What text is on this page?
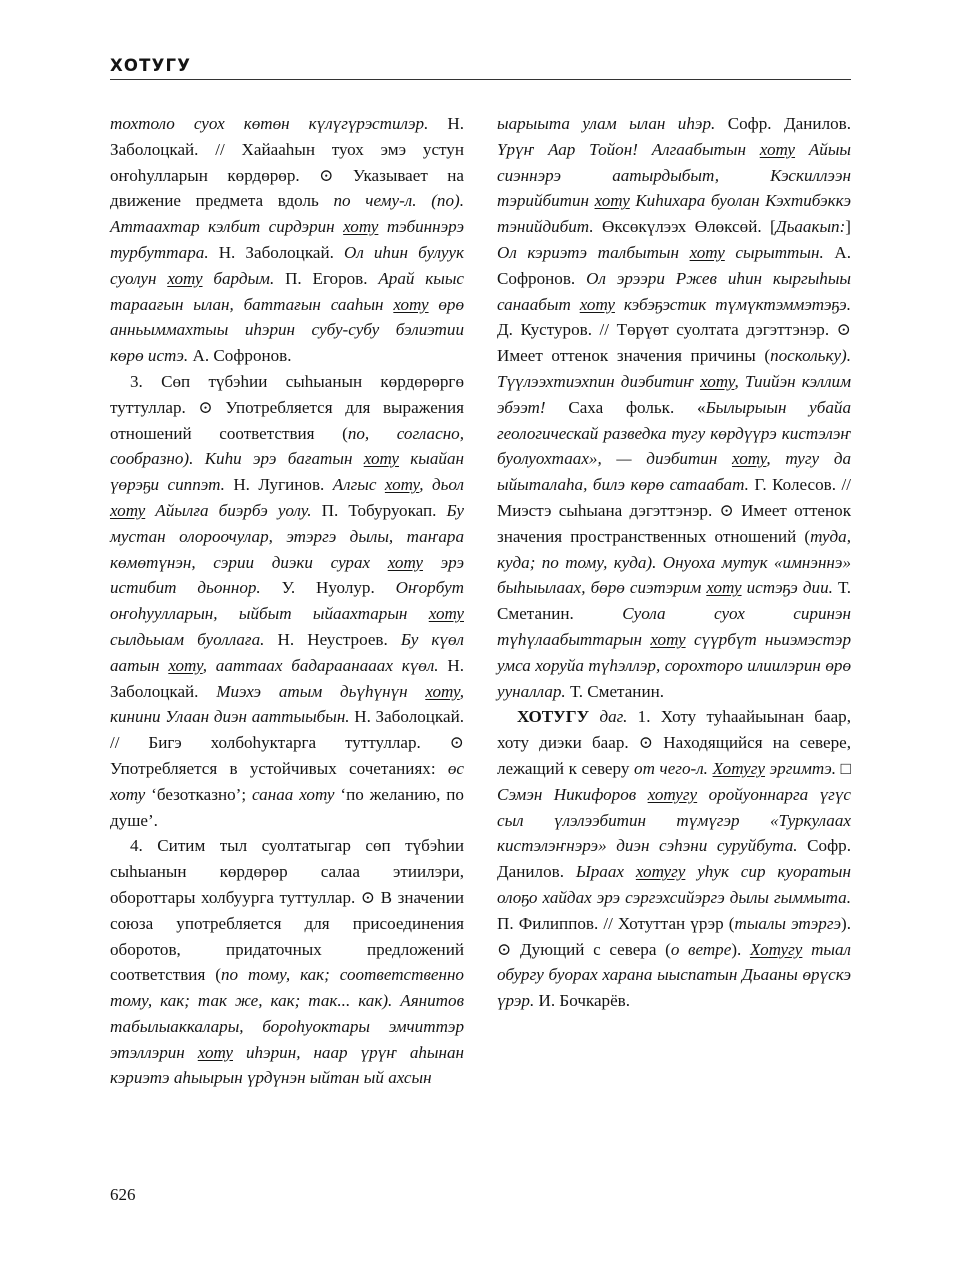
ХОТУГУ

тохтоло суох көтөн күлүгүрэстилэр. Н. Заболоцкай. // Хайааһын туох эмэ устун оҥоһулларын көрдөрөр. ⊙ Указывает на движение предмета вдоль по чему-л. (по). Аттаахтар кэлбит сирдэрин хоту тэбиннэрэ турбуттара. Н. Заболоцкай. Ол иһин булуук суолун хоту бардым. П. Егоров. Арай кыыс тараағын ылан, баттағын сааһын хоту өрө анньыммахтыы иһэрин субу-субу бэлиэтии көрө истэ. А. Софронов.

3. Сөп түбэһии сыһыанын көрдөрөргө туттуллар. ⊙ Употребляется для выражения отношений соответствия (по, согласно, сообразно). Киһи эрэ бағатын хоту кыайан үөрэҕи сиппэт. Н. Лугинов. Алгыс хоту, дьол хоту Айылға биэрбэ уолу. П. Тобуруокап. Бу мустан олороочулар, этэргэ дылы, таҥара көмөтүнэн, сэрии диэки сурах хоту эрэ истибит дьоннор. У. Нуолур. Оҥорбут оҥоһуулларын, ыйбыт ыйаахтарын хоту сылдьыам буоллаға. Н. Неустроев. Бу күөл аатын хоту, ааттаах бадараанааах күөл. Н. Заболоцкай. Миэхэ атым дьүһүнүн хоту, кинини Улаан диэн ааттыыбын. Н. Заболоцкай. // Бигэ холбоһуктарга туттуллар. ⊙ Употребляется в устойчивых сочетаниях: өс хоту ‘безотказно’; санаа хоту ‘по желанию, по душе’.

4. Ситим тыл суолтатыгар сөп түбэһии сыһыанын көрдөрөр салаа этиилэри, обороттары холбуурга туттуллар. ⊙ В значении союза употребляется для присоединения оборотов, придаточных предложений соответствия (по тому, как; соответственно тому, как; так же, как; так... как). Аянитов табылыаккалары, бороһуоктары эмчиттэр этэллэрин хоту иһэрин, наар үрүҥ аһынан кэриэтэ аһыырын үрдүнэн ыйтан ый ахсын

ыарыыта улам ылан иһэр. Софр. Данилов. Үрүҥ Аар Тойон! Алгаабытын хоту Айыы сиэннэрэ аатырдыбыт, Кэскиллээн тэрийбитин хоту Киһихара буолан Кэхтибэккэ тэнийдибит. Өксөкүлээх Өлөксөй. [Дьаакып:] Ол кэриэтэ талбытын хоту сырыттын. А. Софронов. Ол эрээри Ржев иһин кыргыһыы санаабыт хоту кэбэҕэстик түмүктэммэтэҕэ. Д. Кустуров. // Төрүөт суолтата дэгэттэнэр. ⊙ Имеет оттенок значения причины (поскольку). Түүлээхтиэхпин диэбитиҥ хоту, Тиийэн кэллим эбээт! Саха фольк. «Былырыын убайа геологическай разведка тугу көрдүүрэ кистэлэҥ буолуохтаах», — диэбитин хоту, тугу да ыйыталаһа, билэ көрө сатаабат. Г. Колесов. // Миэстэ сыһыана дэгэттэнэр. ⊙ Имеет оттенок значения пространственных отношений (туда, куда; по тому, куда). Онуоха мутук «имнэннэ» быһыылаах, бөрө сиэтэрим хоту истэҕэ дии. Т. Сметанин. Суола суох сиринэн түһүлаабыттарын хоту сүүрбүт ньиэмэстэр умса хоруйа түһэллэр, сорохторо илиилэрин өрө ууналлар. Т. Сметанин.

ХОТУГУ даг. 1. Хоту туһаайыынан баар, хоту диэки баар. ⊙ Находящийся на севере, лежащий к северу от чего-л. Хотугу эргимтэ. □ Сэмэн Никифоров хотугу оройуоннарга үгүс сыл үлэлээбитин түмүгэр «Туркулаах кистэлэҥнэрэ» диэн сэһэни суруйбута. Софр. Данилов. Ыраах хотугу уһук сир куоратын олоҕо хайдах эрэ сэргэхсийэргэ дылы гыммыта. П. Филиппов. // Хотуттан үрэр (тыалы этэргэ). ⊙ Дующий с севера (о ветре). Хотугу тыал обургу буорах харана ыыспатын Дьааны өрүскэ үрэр. И. Бочкарёв.

626
